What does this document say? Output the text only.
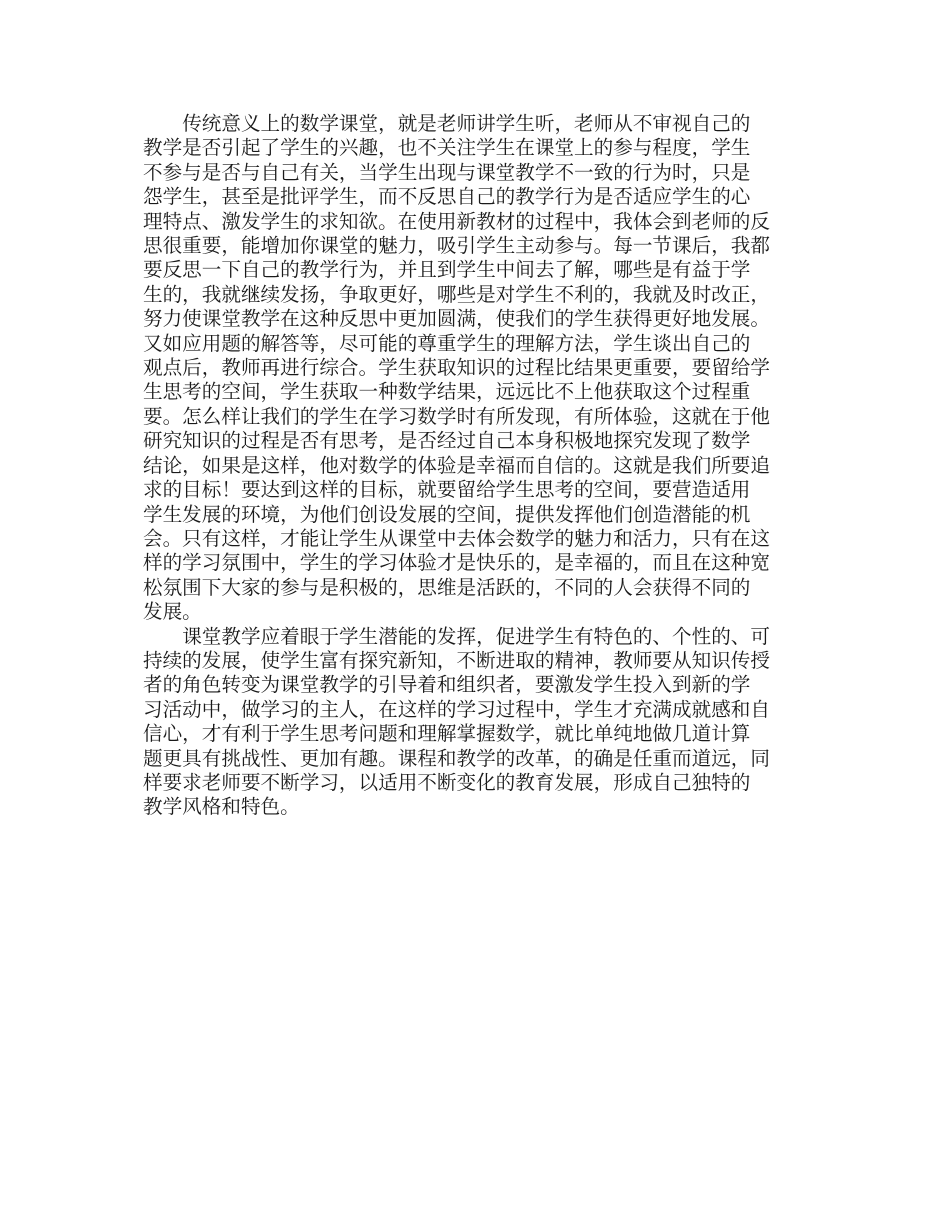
传统意义上的数学课堂，就是老师讲学生听，老师从不审视自己的
教学是否引起了学生的兴趣，也不关注学生在课堂上的参与程度，学生
不参与是否与自己有关，当学生出现与课堂教学不一致的行为时，只是
怨学生，甚至是批评学生，而不反思自己的教学行为是否适应学生的心
理特点、激发学生的求知欲。在使用新教材的过程中，我体会到老师的反
思很重要，能增加你课堂的魅力，吸引学生主动参与。每一节课后，我都
要反思一下自己的教学行为，并且到学生中间去了解，哪些是有益于学
生的，我就继续发扬，争取更好，哪些是对学生不利的，我就及时改正，
努力使课堂教学在这种反思中更加圆满，使我们的学生获得更好地发展。
又如应用题的解答等，尽可能的尊重学生的理解方法，学生谈出自己的
观点后，教师再进行综合。学生获取知识的过程比结果更重要，要留给学
生思考的空间，学生获取一种数学结果，远远比不上他获取这个过程重
要。怎么样让我们的学生在学习数学时有所发现，有所体验，这就在于他
研究知识的过程是否有思考，是否经过自己本身积极地探究发现了数学
结论，如果是这样，他对数学的体验是幸福而自信的。这就是我们所要追
求的目标！要达到这样的目标，就要留给学生思考的空间，要营造适用
学生发展的环境，为他们创设发展的空间，提供发挥他们创造潜能的机
会。只有这样，才能让学生从课堂中去体会数学的魅力和活力，只有在这
样的学习氛围中，学生的学习体验才是快乐的，是幸福的，而且在这种宽
松氛围下大家的参与是积极的，思维是活跃的，不同的人会获得不同的
发展。

课堂教学应着眼于学生潜能的发挥，促进学生有特色的、个性的、可
持续的发展，使学生富有探究新知，不断进取的精神，教师要从知识传授
者的角色转变为课堂教学的引导着和组织者，要激发学生投入到新的学
习活动中，做学习的主人，在这样的学习过程中，学生才充满成就感和自
信心，才有利于学生思考问题和理解掌握数学，就比单纯地做几道计算
题更具有挑战性、更加有趣。课程和教学的改革，的确是任重而道远，同
样要求老师要不断学习，以适用不断变化的教育发展，形成自己独特的
教学风格和特色。
